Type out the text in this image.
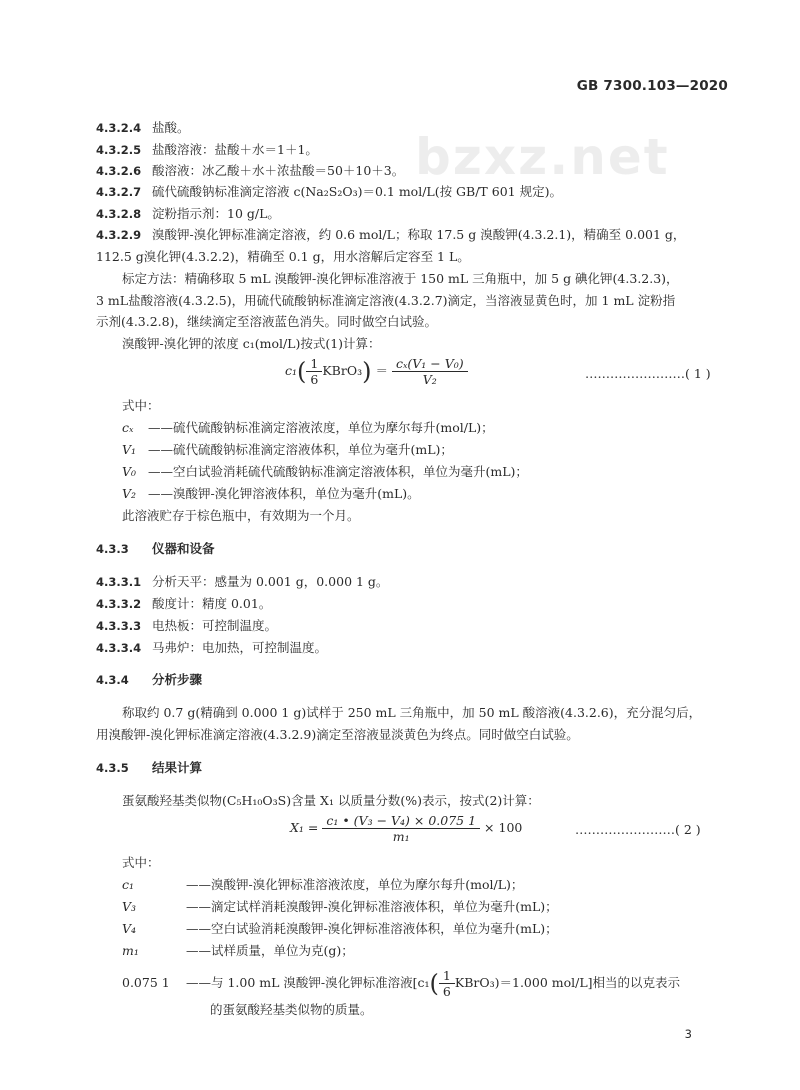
GB 7300.103—2020
bzxz.net
4.3.2.4 盐酸。
4.3.2.5 盐酸溶液：盐酸＋水＝1＋1。
4.3.2.6 酸溶液：冰乙酸＋水＋浓盐酸＝50＋10＋3。
4.3.2.7 硫代硫酸钠标准滴定溶液 c(Na₂S₂O₃)＝0.1 mol/L(按 GB/T 601 规定)。
4.3.2.8 淀粉指示剂：10 g/L。
4.3.2.9 溴酸钾-溴化钾标准滴定溶液，约 0.6 mol/L；称取 17.5 g 溴酸钾(4.3.2.1)，精确至 0.001 g，
112.5 g溴化钾(4.3.2.2)，精确至 0.1 g，用水溶解后定容至 1 L。
标定方法：精确移取 5 mL 溴酸钾-溴化钾标准溶液于 150 mL 三角瓶中，加 5 g 碘化钾(4.3.2.3)，
3 mL盐酸溶液(4.3.2.5)，用硫代硫酸钠标准滴定溶液(4.3.2.7)滴定，当溶液显黄色时，加 1 mL 淀粉指
示剂(4.3.2.8)，继续滴定至溶液蓝色消失。同时做空白试验。
溴酸钾-溴化钾的浓度 c₁(mol/L)按式(1)计算：
$c_1( \frac{1}{6}$ KBrO₃) ＝ $\frac{\text{cₓ(V₁ − V₀)}}{\text{V₂}}$	……………………( 1 )
式中：
cₓ ——硫代硫酸钠标准滴定溶液浓度，单位为摩尔每升(mol/L)；
V₁ ——硫代硫酸钠标准滴定溶液体积，单位为毫升(mL)；
V₀ ——空白试验消耗硫代硫酸钠标准滴定溶液体积，单位为毫升(mL)；
V₂ ——溴酸钾-溴化钾溶液体积，单位为毫升(mL)。
此溶液贮存于棕色瓶中，有效期为一个月。
4.3.3 仪器和设备
4.3.3.1 分析天平：感量为 0.001 g，0.000 1 g。
4.3.3.2 酸度计：精度 0.01。
4.3.3.3 电热板：可控制温度。
4.3.3.4 马弗炉：电加热，可控制温度。
4.3.4 分析步骤
称取约 0.7 g(精确到 0.000 1 g)试样于 250 mL 三角瓶中，加 50 mL 酸溶液(4.3.2.6)，充分混匀后，
用溴酸钾-溴化钾标准滴定溶液(4.3.2.9)滴定至溶液显淡黄色为终点。同时做空白试验。
4.3.5 结果计算
蛋氨酸羟基类似物(C₅H₁₀O₃S)含量 X₁ 以质量分数(%)表示，按式(2)计算：
$X_1 = \frac{\text{c₁ • (V₃ − V₄) × 0.075 1}}{\text{m₁}} \times 100$	……………………( 2 )
式中：
c₁	——溴酸钾-溴化钾标准溶液浓度，单位为摩尔每升(mol/L)；
V₃	——滴定试样消耗溴酸钾-溴化钾标准溶液体积，单位为毫升(mL)；
V₄	——空白试验消耗溴酸钾-溴化钾标准溶液体积，单位为毫升(mL)；
m₁	——试样质量，单位为克(g)；
0.075 1 ——与 1.00 mL 溴酸钾-溴化钾标准溶液[$c_1( \frac{1}{6}$ KBrO₃)＝1.000 mol/L]相当的以克表示
的蛋氨酸羟基类似物的质量。
3
